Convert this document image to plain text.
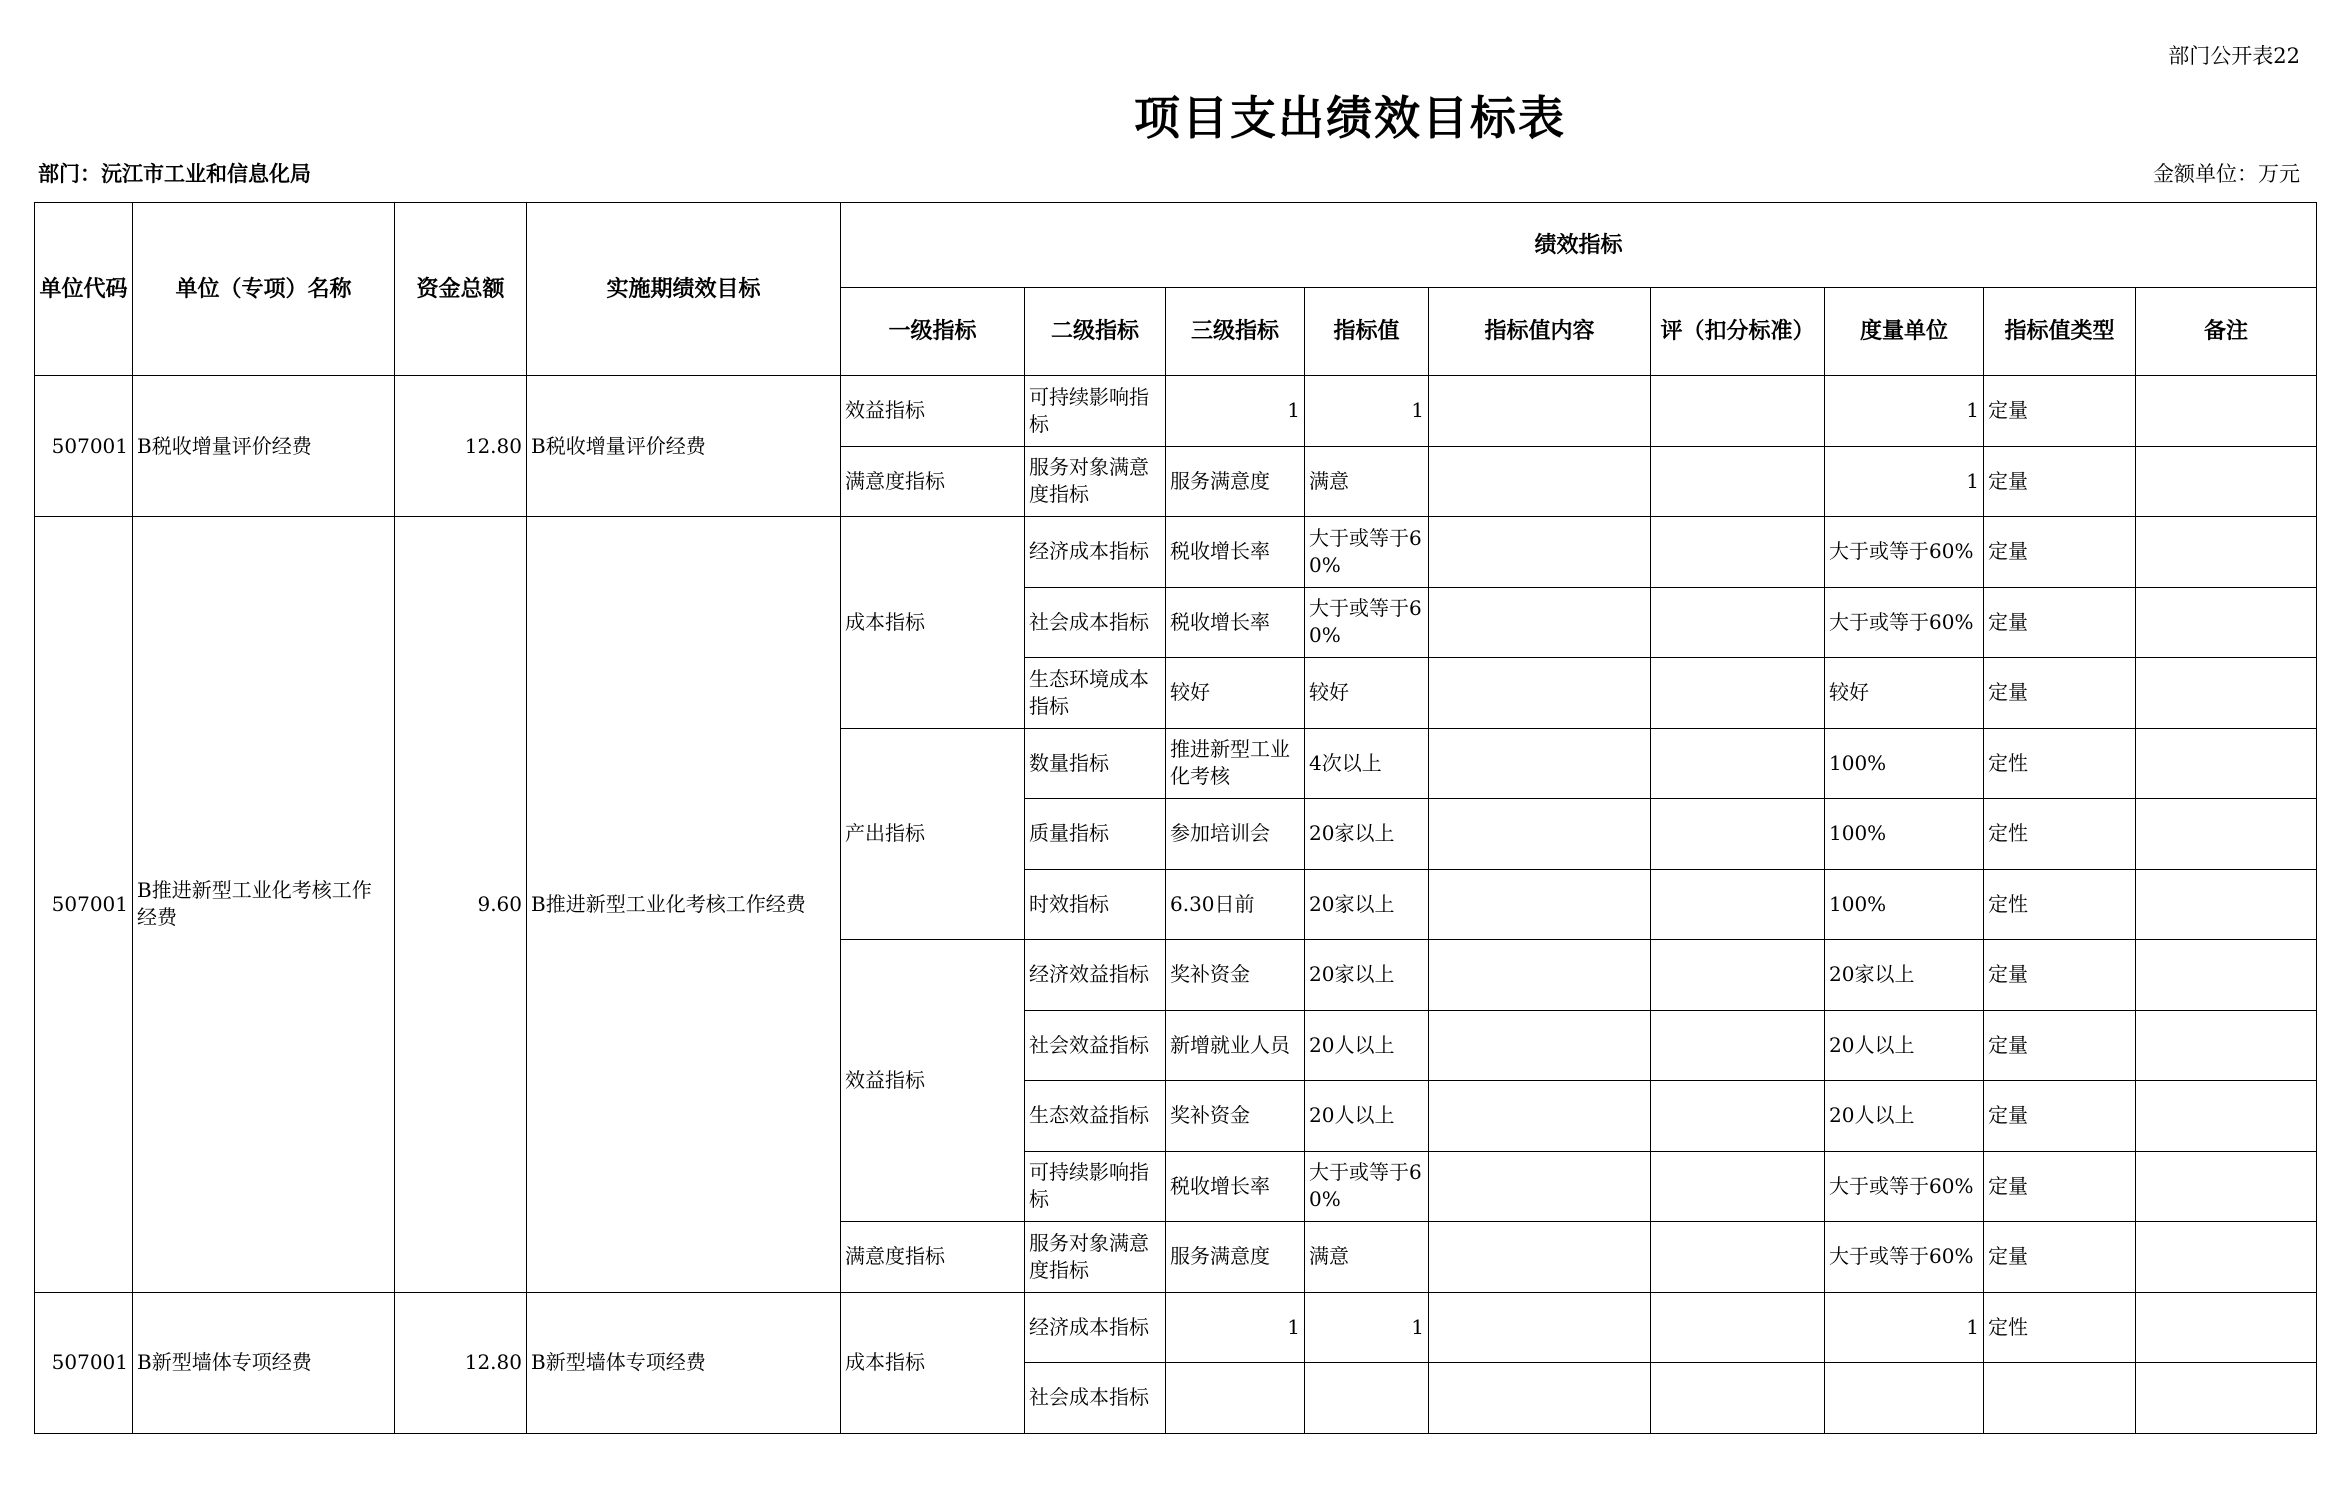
部门公开表22
项目支出绩效目标表
部门：沅江市工业和信息化局	金额单位：万元
单位代码	单位（专项）名称	资金总额	实施期绩效目标	绩效指标								
				一级指标	二级指标	三级指标	指标值	指标值内容	评（扣分标准）	度量单位	指标值类型	备注
507001	B税收增量评价经费	12.80	B税收增量评价经费	效益指标	可持续影响指标	1	1			1	定量	
				满意度指标	服务对象满意度指标	服务满意度	满意			1	定量	
507001	B推进新型工业化考核工作经费	9.60	B推进新型工业化考核工作经费	成本指标	经济成本指标	税收增长率	大于或等于60%			大于或等于60%	定量	
					社会成本指标	税收增长率	大于或等于60%			大于或等于60%	定量	
					生态环境成本指标	较好	较好			较好	定量	
				产出指标	数量指标	推进新型工业化考核	4次以上			100%	定性	
					质量指标	参加培训会	20家以上			100%	定性	
					时效指标	6.30日前	20家以上			100%	定性	
				效益指标	经济效益指标	奖补资金	20家以上			20家以上	定量	
					社会效益指标	新增就业人员	20人以上			20人以上	定量	
					生态效益指标	奖补资金	20人以上			20人以上	定量	
					可持续影响指标	税收增长率	大于或等于60%			大于或等于60%	定量	
				满意度指标	服务对象满意度指标	服务满意度	满意			大于或等于60%	定量	
507001	B新型墙体专项经费	12.80	B新型墙体专项经费	成本指标	经济成本指标	1	1			1	定性	
					社会成本指标							
